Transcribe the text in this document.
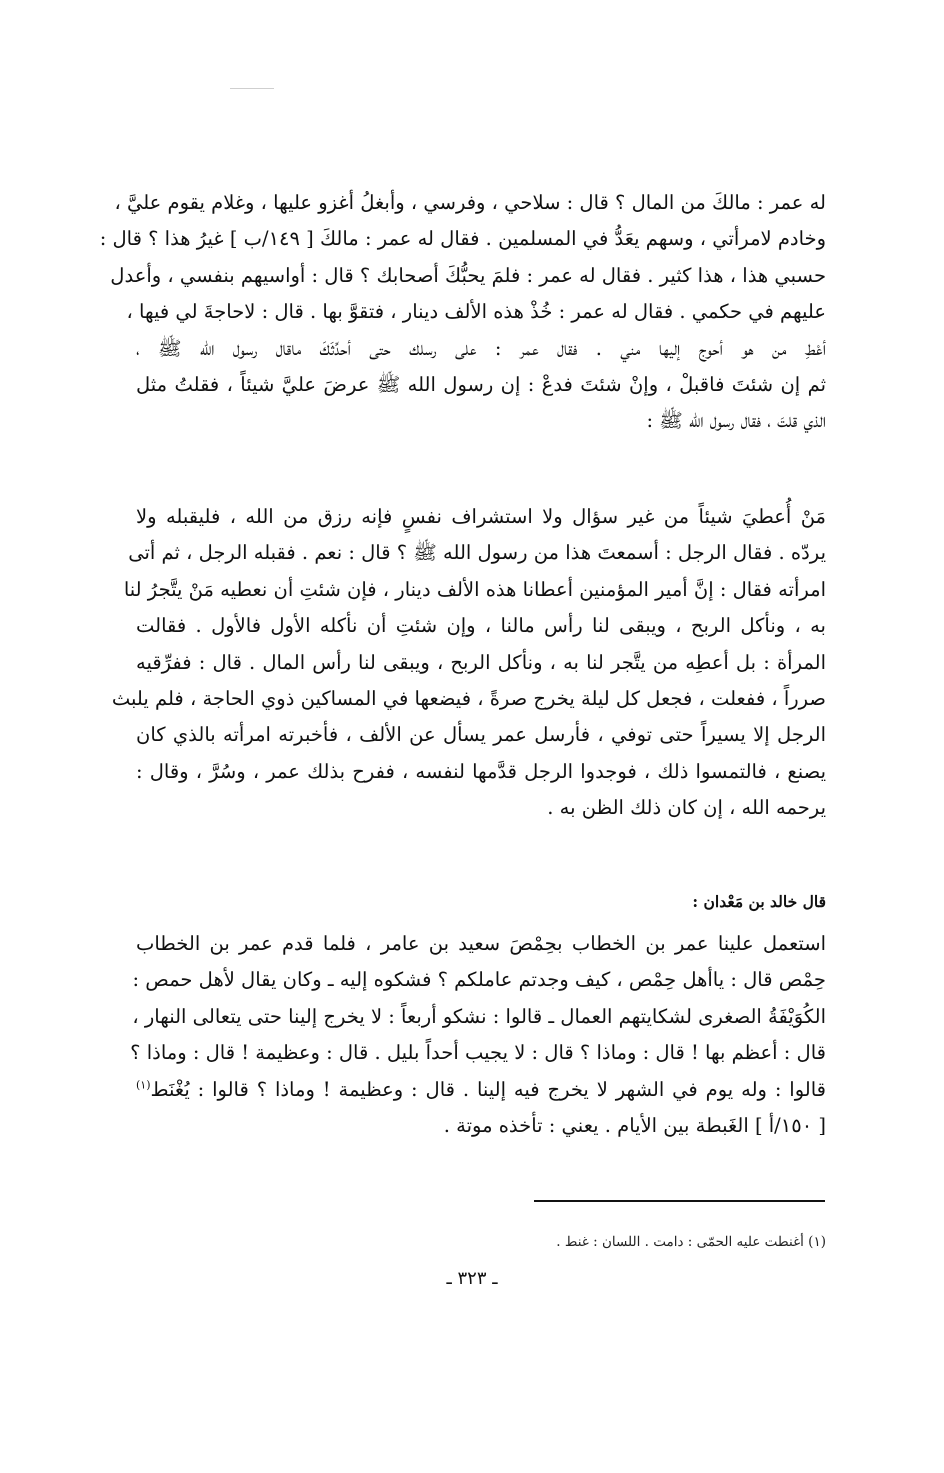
له عمر : مالكَ من المال ؟ قال : سلاحي ، وفرسي ، وأبغلُ أغزو عليها ، وغلام يقوم عليَّ ،
وخادم لامرأتي ، وسهم يعَدُّ في المسلمين . فقال له عمر : مالكَ [ ١٤٩/ب ] غيرُ هذا ؟ قال :
حسبي هذا ، هذا كثير . فقال له عمر : فلمَ يحبُّكَ أصحابك ؟ قال : أواسيهم بنفسي ، وأعدل
عليهم في حكمي . فقال له عمر : خُذْ هذه الألف دينار ، فتقوَّ بها . قال : لاحاجةَ لي فيها ،
أعْطِ من هو أحوج إليها مني . فقال عمر : على رسلك حتى أحدِّثَكَ ماقال رسول الله ﷺ ،
ثم إن شئتَ فاقبلْ ، وإنْ شئتَ فدعْ : إن رسول الله ﷺ عرضَ عليَّ شيئاً ، فقلتُ مثل
الذي قلتَ ، فقال رسول الله ﷺ :
مَنْ أُعطيَ شيئاً من غير سؤال ولا استشراف نفسٍ فإنه رزق من الله ، فليقبله ولا
يردّه . فقال الرجل : أسمعتَ هذا من رسول الله ﷺ ؟ قال : نعم . فقبله الرجل ، ثم أتى
امرأته فقال : إنَّ أمير المؤمنين أعطانا هذه الألف دينار ، فإن شئتِ أن نعطيه مَنْ يتَّجرُ لنا
به ، ونأكل الربح ، ويبقى لنا رأس مالنا ، وإن شئتِ أن نأكله الأول فالأول . فقالت
المرأة : بل أعطِه من يتَّجر لنا به ، ونأكل الربح ، ويبقى لنا رأس المال . قال : ففرِّقيه
صرراً ، ففعلت ، فجعل كل ليلة يخرج صرةً ، فيضعها في المساكين ذوي الحاجة ، فلم يلبث
الرجل إلا يسيراً حتى توفي ، فأرسل عمر يسأل عن الألف ، فأخبرته امرأته بالذي كان
يصنع ، فالتمسوا ذلك ، فوجدوا الرجل قدَّمها لنفسه ، ففرح بذلك عمر ، وسُرَّ ، وقال :
يرحمه الله ، إن كان ذلك الظن به .
قال خالد بن مَعْدان :
استعمل علينا عمر بن الخطاب بحِمْصَ سعيد بن عامر ، فلما قدم عمر بن الخطاب
حِمْص قال : ياأهل حِمْص ، كيف وجدتم عاملكم ؟ فشكوه إليه ـ وكان يقال لأهل حمص :
الكُوَيْفَةُ الصغرى لشكايتهم العمال ـ قالوا : نشكو أربعاً : لا يخرج إلينا حتى يتعالى النهار ،
قال : أعظم بها ! قال : وماذا ؟ قال : لا يجيب أحداً بليل . قال : وعظيمة ! قال : وماذا ؟
قالوا : وله يوم في الشهر لا يخرج فيه إلينا . قال : وعظيمة ! وماذا ؟ قالوا : يُغْنَط$^{(١)}$
[ ١٥٠/أ ] الغَبطة بين الأيام . يعني : تأخذه موتة .
(١) أغنطت عليه الحمّى : دامت . اللسان : غنط .
ـ ٣٢٣ ـ
